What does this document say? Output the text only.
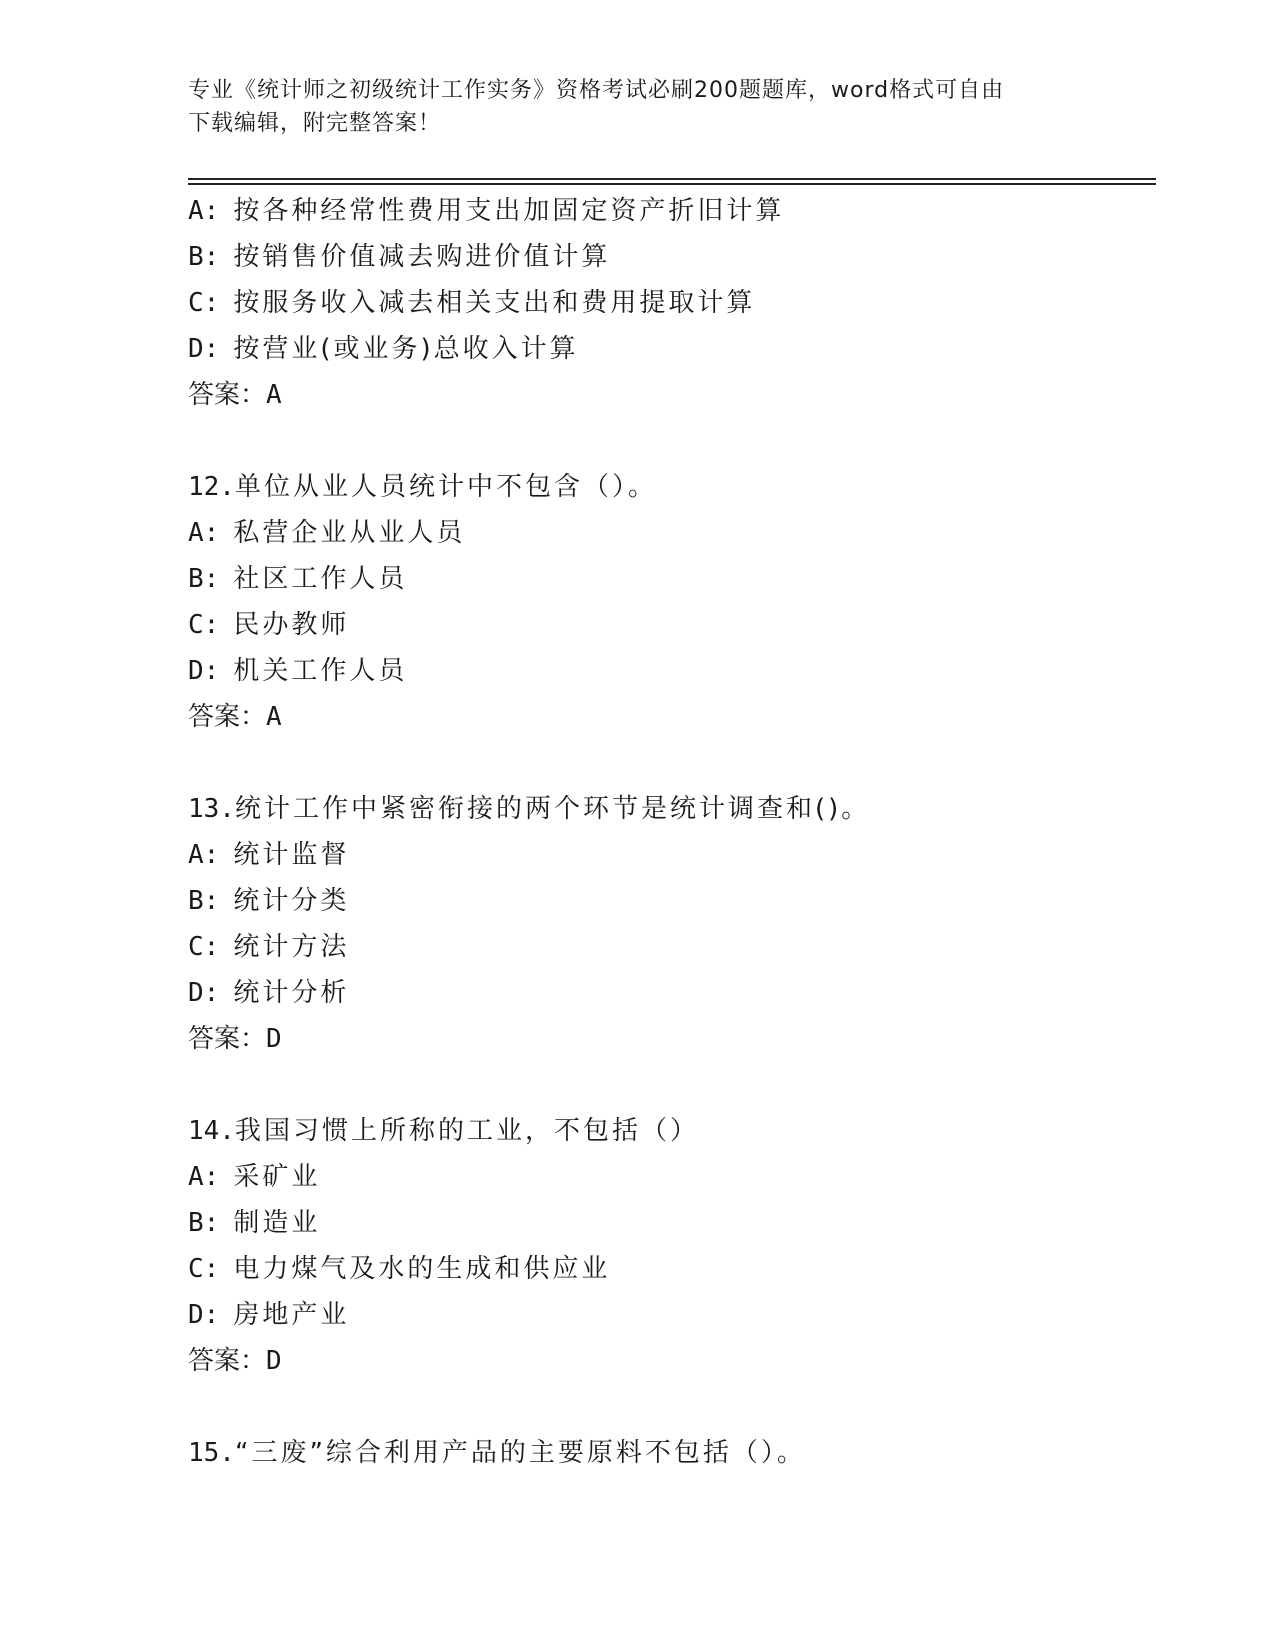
专业《统计师之初级统计工作实务》资格考试必刷200题题库，word格式可自由
下载编辑，附完整答案！
A: 按各种经常性费用支出加固定资产折旧计算
B: 按销售价值减去购进价值计算
C: 按服务收入减去相关支出和费用提取计算
D: 按营业(或业务)总收入计算
答案：A
12.单位从业人员统计中不包含（）。
A: 私营企业从业人员
B: 社区工作人员
C: 民办教师
D: 机关工作人员
答案：A
13.统计工作中紧密衔接的两个环节是统计调查和()。
A: 统计监督
B: 统计分类
C: 统计方法
D: 统计分析
答案：D
14.我国习惯上所称的工业，不包括（）
A: 采矿业
B: 制造业
C: 电力煤气及水的生成和供应业
D: 房地产业
答案：D
15.“三废”综合利用产品的主要原料不包括（）。
